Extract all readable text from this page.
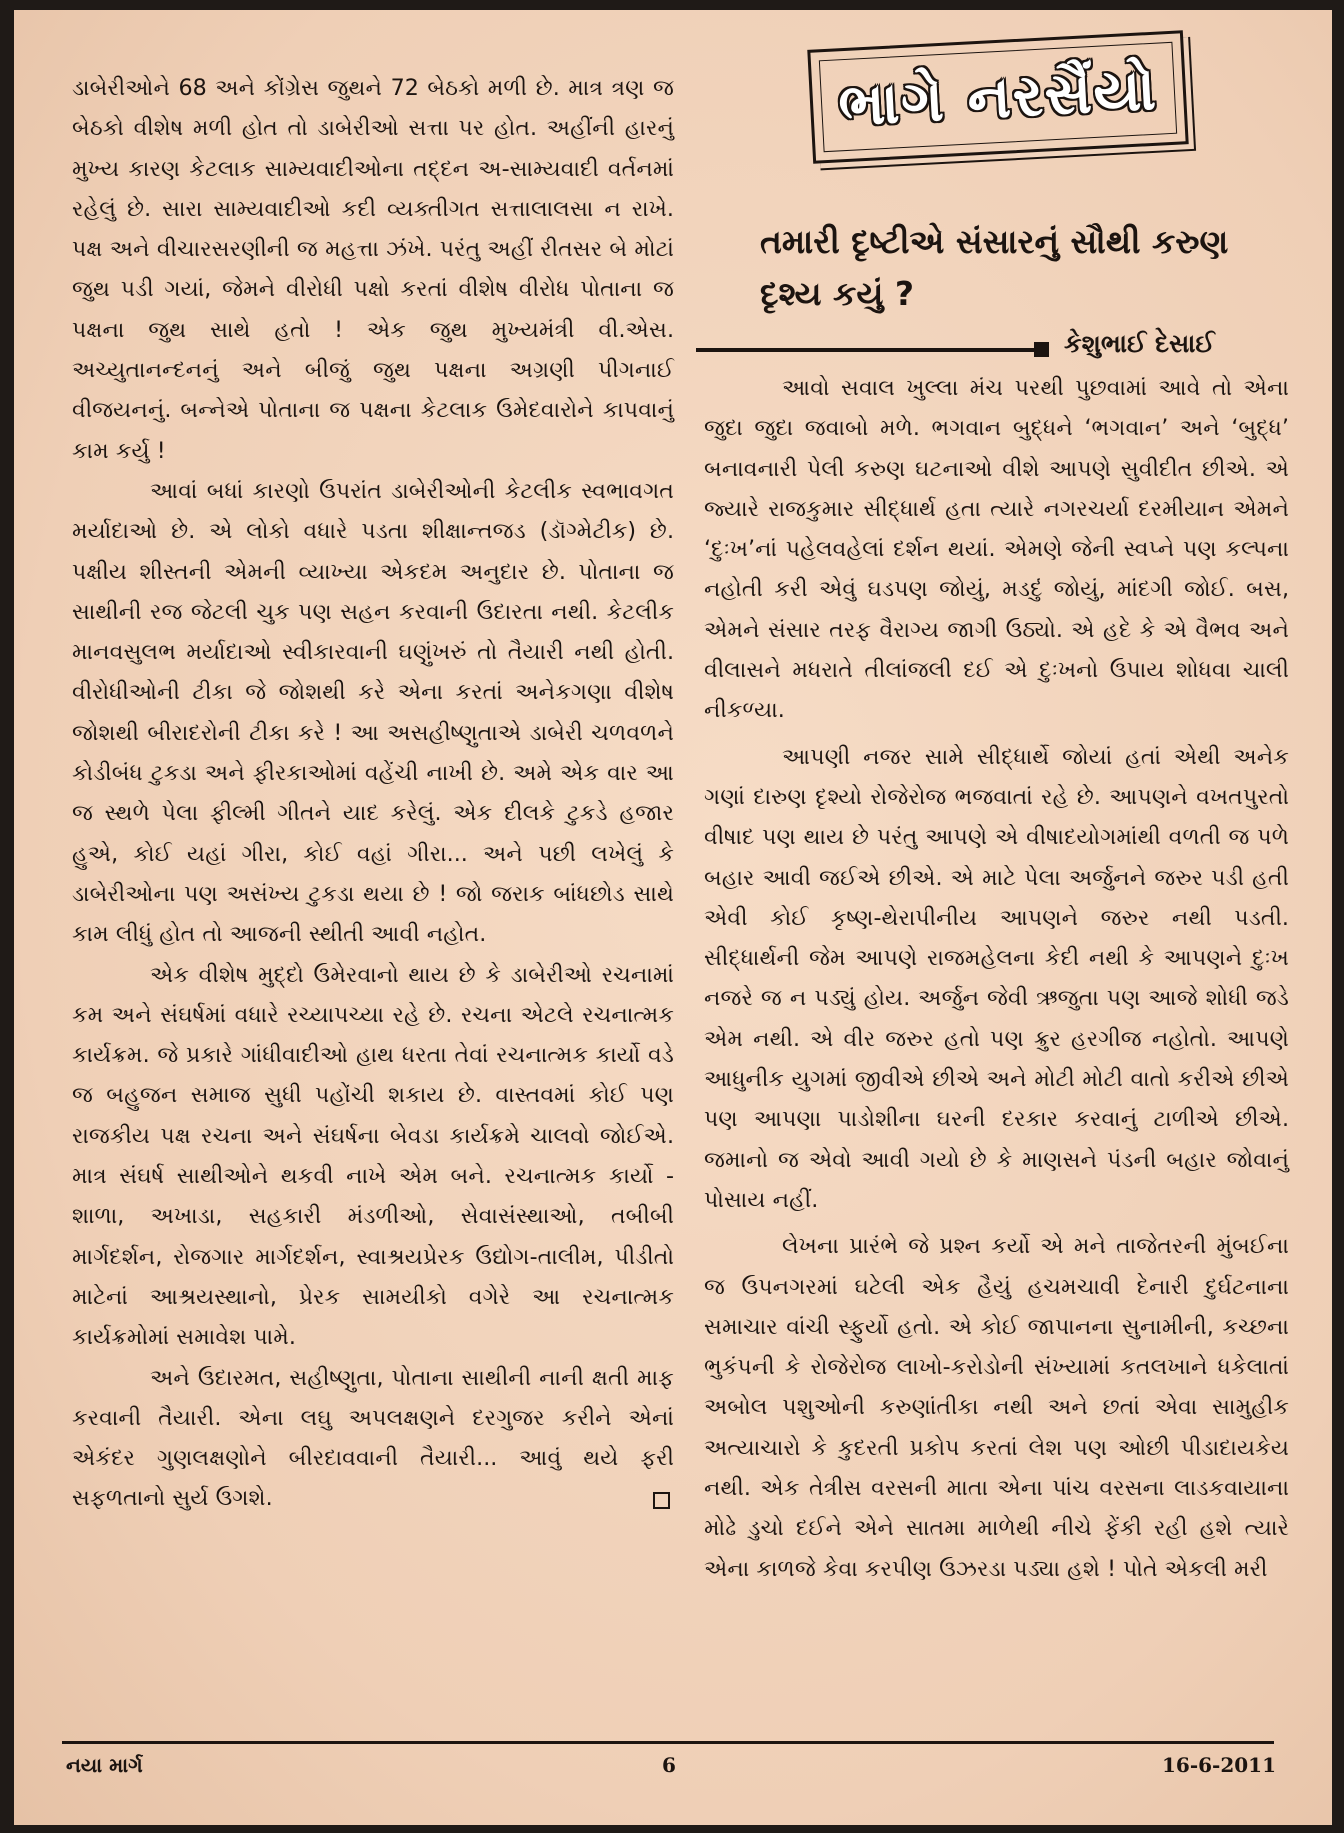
ડાબેરીઓને 68 અને કોંગ્રેસ જુથને 72 બેઠકો મળી છે. માત્ર ત્રણ જ બેઠકો વીશેષ મળી હોત તો ડાબેરીઓ સત્તા પર હોત. અહીંની હારનું મુખ્ય કારણ કેટલાક સામ્યવાદીઓના તદ્દન અ-સામ્યવાદી વર્તનમાં રહેલું છે. સારા સામ્યવાદીઓ કદી વ્યક્તીગત સત્તાલાલસા ન રાખે. પક્ષ અને વીચારસરણીની જ મહત્તા ઝંખે. પરંતુ અહીં રીતસર બે મોટાં જુથ પડી ગયાં, જેમને વીરોધી પક્ષો કરતાં વીશેષ વીરોધ પોતાના જ પક્ષના જુથ સાથે હતો ! એક જુથ મુખ્યમંત્રી વી.એસ. અચ્યુતાનન્દનનું અને બીજું જુથ પક્ષના અગ્રણી પીગનાઈ વીજયનનું. બન્નેએ પોતાના જ પક્ષના કેટલાક ઉમેદવારોને કાપવાનું કામ કર્યુ !

આવાં બધાં કારણો ઉપરાંત ડાબેરીઓની કેટલીક સ્વભાવગત મર્યાદાઓ છે. એ લોકો વધારે પડતા શીક્ષાન્તજડ (ડૉગ્મેટીક) છે. પક્ષીય શીસ્તની એમની વ્યાખ્યા એકદમ અનુદાર છે. પોતાના જ સાથીની રજ જેટલી ચુક પણ સહન કરવાની ઉદારતા નથી. કેટલીક માનવસુલભ મર્યાદાઓ સ્વીકારવાની ઘણુંખરું તો તૈયારી નથી હોતી. વીરોધીઓની ટીકા જે જોશથી કરે એના કરતાં અનેકગણા વીશેષ જોશથી બીરાદરોની ટીકા કરે ! આ અસહીષ્ણુતાએ ડાબેરી ચળવળને કોડીબંધ ટુકડા અને ફીરકાઓમાં વહેંચી નાખી છે. અમે એક વાર આ જ સ્થળે પેલા ફીલ્મી ગીતને યાદ કરેલું. એક દીલકે ટુકડે હજાર હુએ, કોઈ યહાં ગીરા, કોઈ વહાં ગીરા... અને પછી લખેલું કે ડાબેરીઓના પણ અસંખ્ય ટુકડા થયા છે ! જો જરાક બાંધછોડ સાથે કામ લીધું હોત તો આજની સ્થીતી આવી નહોત.

એક વીશેષ મુદ્દો ઉમેરવાનો થાય છે કે ડાબેરીઓ રચનામાં કમ અને સંઘર્ષમાં વધારે રચ્યાપચ્યા રહે છે. રચના એટલે રચનાત્મક કાર્યક્રમ. જે પ્રકારે ગાંધીવાદીઓ હાથ ધરતા તેવાં રચનાત્મક કાર્યો વડે જ બહુજન સમાજ સુધી પહોંચી શકાય છે. વાસ્તવમાં કોઈ પણ રાજકીય પક્ષ રચના અને સંઘર્ષના બેવડા કાર્યક્રમે ચાલવો જોઈએ. માત્ર સંઘર્ષ સાથીઓને થકવી નાખે એમ બને. રચનાત્મક કાર્યો - શાળા, અખાડા, સહકારી મંડળીઓ, સેવાસંસ્થાઓ, તબીબી માર્ગદર્શન, રોજગાર માર્ગદર્શન, સ્વાશ્રયપ્રેરક ઉદ્યોગ-તાલીમ, પીડીતો માટેનાં આશ્રયસ્થાનો, પ્રેરક સામયીકો વગેરે આ રચનાત્મક કાર્યક્રમોમાં સમાવેશ પામે.

અને ઉદારમત, સહીષ્ણુતા, પોતાના સાથીની નાની ક્ષતી માફ કરવાની તૈયારી. એના લઘુ અપલક્ષણને દરગુજર કરીને એનાં એકંદર ગુણલક્ષણોને બીરદાવવાની તૈયારી... આવું થયે ફરી સફળતાનો સુર્ય ઉગશે.

ભાગે નરસૈંયો
તમારી દૃષ્ટીએ સંસારનું સૌથી કરુણ દૃશ્ય કયું ?
કેશુભાઈ દેસાઈ

આવો સવાલ ખુલ્લા મંચ પરથી પુછવામાં આવે તો એના જુદા જુદા જવાબો મળે. ભગવાન બુદ્ધને ‘ભગવાન’ અને ‘બુદ્ધ’ બનાવનારી પેલી કરુણ ઘટનાઓ વીશે આપણે સુવીદીત છીએ. એ જ્યારે રાજકુમાર સીદ્ધાર્થ હતા ત્યારે નગરચર્યા દરમીયાન એમને ‘દુઃખ’નાં પહેલવહેલાં દર્શન થયાં. એમણે જેની સ્વપ્ને પણ કલ્પના નહોતી કરી એવું ઘડપણ જોયું, મડદું જોયું, માંદગી જોઈ. બસ, એમને સંસાર તરફ વૈરાગ્ય જાગી ઉઠ્યો. એ હદે કે એ વૈભવ અને વીલાસને મધરાતે તીલાંજલી દઈ એ દુઃખનો ઉપાય શોધવા ચાલી નીકળ્યા.

આપણી નજર સામે સીદ્ધાર્થે જોયાં હતાં એથી અનેક ગણાં દારુણ દૃશ્યો રોજેરોજ ભજવાતાં રહે છે. આપણને વખતપુરતો વીષાદ પણ થાય છે પરંતુ આપણે એ વીષાદયોગમાંથી વળતી જ પળે બહાર આવી જઈએ છીએ. એ માટે પેલા અર્જુનને જરુર પડી હતી એવી કોઈ કૃષ્ણ-થેરાપીનીય આપણને જરુર નથી પડતી. સીદ્ધાર્થની જેમ આપણે રાજમહેલના કેદી નથી કે આપણને દુઃખ નજરે જ ન પડ્યું હોય. અર્જુન જેવી ઋજુતા પણ આજે શોધી જડે એમ નથી. એ વીર જરુર હતો પણ ક્રુર હરગીજ નહોતો. આપણે આધુનીક યુગમાં જીવીએ છીએ અને મોટી મોટી વાતો કરીએ છીએ પણ આપણા પાડોશીના ઘરની દરકાર કરવાનું ટાળીએ છીએ. જમાનો જ એવો આવી ગયો છે કે માણસને પંડની બહાર જોવાનું પોસાય નહીં.

લેખના પ્રારંભે જે પ્રશ્ન કર્યો એ મને તાજેતરની મુંબઈના જ ઉપનગરમાં ઘટેલી એક હૈયું હચમચાવી દેનારી દુર્ઘટનાના સમાચાર વાંચી સ્ફુર્યો હતો. એ કોઈ જાપાનના સુનામીની, કચ્છના ભુકંપની કે રોજેરોજ લાખો-કરોડોની સંખ્યામાં કતલખાને ધકેલાતાં અબોલ પશુઓની કરુણાંતીકા નથી અને છતાં એવા સામુહીક અત્યાચારો કે કુદરતી પ્રકોપ કરતાં લેશ પણ ઓછી પીડાદાયકેય નથી. એક તેત્રીસ વરસની માતા એના પાંચ વરસના લાડકવાયાના મોઢે ડુચો દઈને એને સાતમા માળેથી નીચે ફેંકી રહી હશે ત્યારે એના કાળજે કેવા કરપીણ ઉઝરડા પડ્યા હશે ! પોતે એકલી મરી

નયા માર્ગ	6	16-6-2011
